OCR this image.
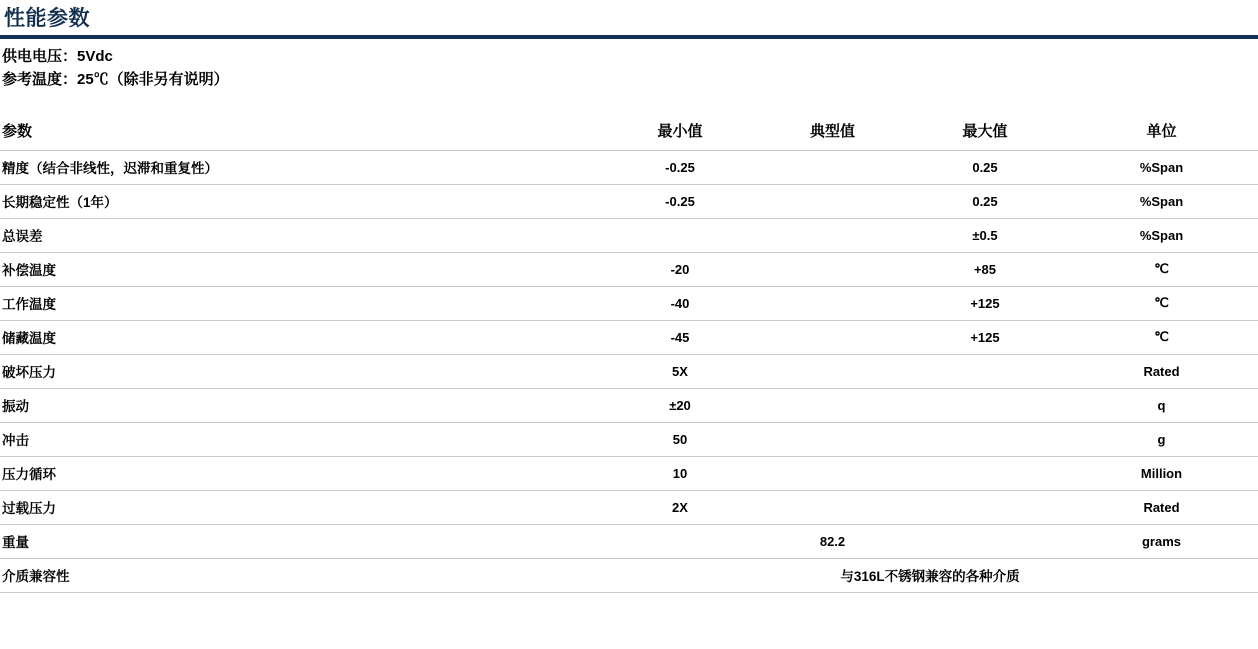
性能参数
供电电压：5Vdc
参考温度：25℃（除非另有说明）
参数	最小值	典型值	最大值	单位
精度（结合非线性，迟滞和重复性）	-0.25		0.25	%Span
长期稳定性（1年）	-0.25		0.25	%Span
总误差			±0.5	%Span
补偿温度	-20		+85	℃
工作温度	-40		+125	℃
储藏温度	-45		+125	℃
破坏压力	5X			Rated
振动	±20			q
冲击	50			g
压力循环	10			Million
过载压力	2X			Rated
重量		82.2		grams
介质兼容性	与316L不锈钢兼容的各种介质			
